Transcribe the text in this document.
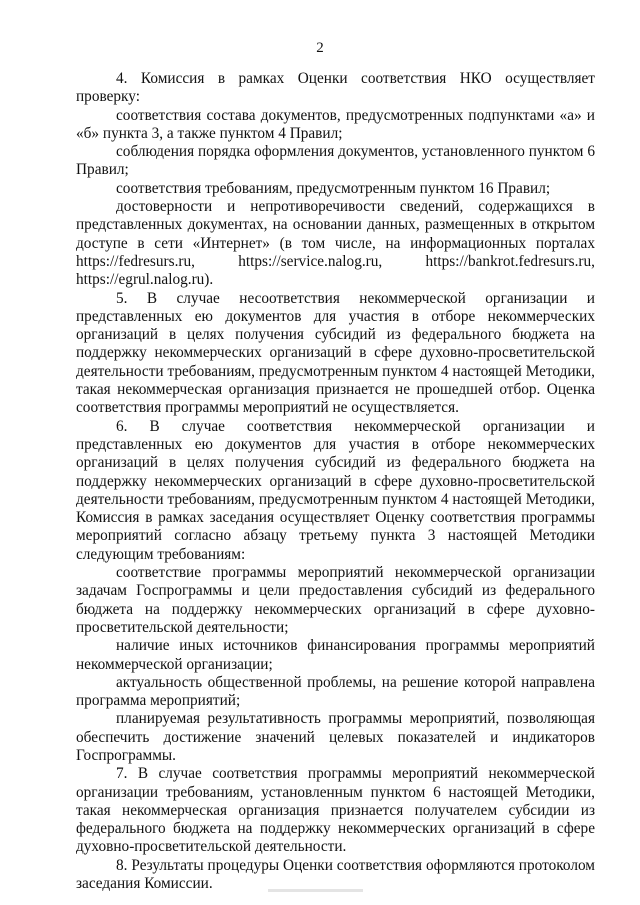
2

4. Комиссия в рамках Оценки соответствия НКО осуществляет проверку:

соответствия состава документов, предусмотренных подпунктами «а» и «б» пункта 3, а также пунктом 4 Правил;

соблюдения порядка оформления документов, установленного пунктом 6 Правил;

соответствия требованиям, предусмотренным пунктом 16 Правил;

достоверности и непротиворечивости сведений, содержащихся в представленных документах, на основании данных, размещенных в открытом доступе в сети «Интернет» (в том числе, на информационных порталах https://fedresurs.ru, https://service.nalog.ru, https://bankrot.fedresurs.ru, https://egrul.nalog.ru).

5. В случае несоответствия некоммерческой организации и представленных ею документов для участия в отборе некоммерческих организаций в целях получения субсидий из федерального бюджета на поддержку некоммерческих организаций в сфере духовно-просветительской деятельности требованиям, предусмотренным пунктом 4 настоящей Методики, такая некоммерческая организация признается не прошедшей отбор. Оценка соответствия программы мероприятий не осуществляется.

6. В случае соответствия некоммерческой организации и представленных ею документов для участия в отборе некоммерческих организаций в целях получения субсидий из федерального бюджета на поддержку некоммерческих организаций в сфере духовно-просветительской деятельности требованиям, предусмотренным пунктом 4 настоящей Методики, Комиссия в рамках заседания осуществляет Оценку соответствия программы мероприятий согласно абзацу третьему пункта 3 настоящей Методики следующим требованиям:

соответствие программы мероприятий некоммерческой организации задачам Госпрограммы и цели предоставления субсидий из федерального бюджета на поддержку некоммерческих организаций в сфере духовно-просветительской деятельности;

наличие иных источников финансирования программы мероприятий некоммерческой организации;

актуальность общественной проблемы, на решение которой направлена программа мероприятий;

планируемая результативность программы мероприятий, позволяющая обеспечить достижение значений целевых показателей и индикаторов Госпрограммы.

7. В случае соответствия программы мероприятий некоммерческой организации требованиям, установленным пунктом 6 настоящей Методики, такая некоммерческая организация признается получателем субсидии из федерального бюджета на поддержку некоммерческих организаций в сфере духовно-просветительской деятельности.

8. Результаты процедуры Оценки соответствия оформляются протоколом заседания Комиссии.
